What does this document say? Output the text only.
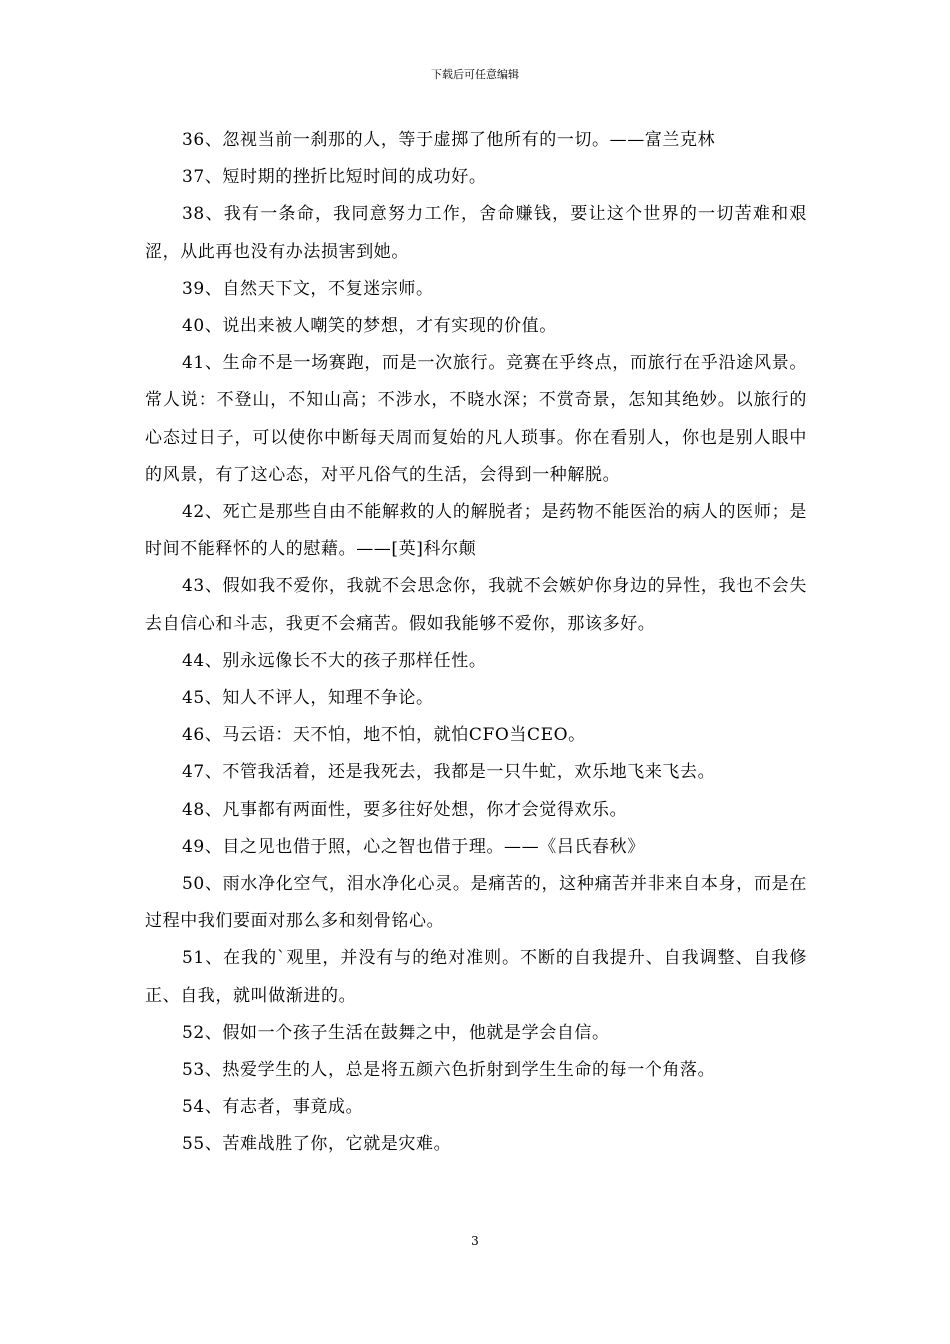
下载后可任意编辑

36、忽视当前一刹那的人，等于虚掷了他所有的一切。——富兰克林

37、短时期的挫折比短时间的成功好。

38、我有一条命，我同意努力工作，舍命赚钱，要让这个世界的一切苦难和艰涩，从此再也没有办法损害到她。

39、自然天下文，不复迷宗师。

40、说出来被人嘲笑的梦想，才有实现的价值。

41、生命不是一场赛跑，而是一次旅行。竞赛在乎终点，而旅行在乎沿途风景。常人说：不登山，不知山高；不涉水，不晓水深；不赏奇景，怎知其绝妙。以旅行的心态过日子，可以使你中断每天周而复始的凡人琐事。你在看别人，你也是别人眼中的风景，有了这心态，对平凡俗气的生活，会得到一种解脱。

42、死亡是那些自由不能解救的人的解脱者；是药物不能医治的病人的医师；是时间不能释怀的人的慰藉。——[英]科尔颠

43、假如我不爱你，我就不会思念你，我就不会嫉妒你身边的异性，我也不会失去自信心和斗志，我更不会痛苦。假如我能够不爱你，那该多好。

44、别永远像长不大的孩子那样任性。

45、知人不评人，知理不争论。

46、马云语：天不怕，地不怕，就怕CFO当CEO。

47、不管我活着，还是我死去，我都是一只牛虻，欢乐地飞来飞去。

48、凡事都有两面性，要多往好处想，你才会觉得欢乐。

49、目之见也借于照，心之智也借于理。——《吕氏春秋》

50、雨水净化空气，泪水净化心灵。是痛苦的，这种痛苦并非来自本身，而是在过程中我们要面对那么多和刻骨铭心。

51、在我的`观里，并没有与的绝对准则。不断的自我提升、自我调整、自我修正、自我，就叫做渐进的。

52、假如一个孩子生活在鼓舞之中，他就是学会自信。

53、热爱学生的人，总是将五颜六色折射到学生生命的每一个角落。

54、有志者，事竟成。

55、苦难战胜了你，它就是灾难。

3
